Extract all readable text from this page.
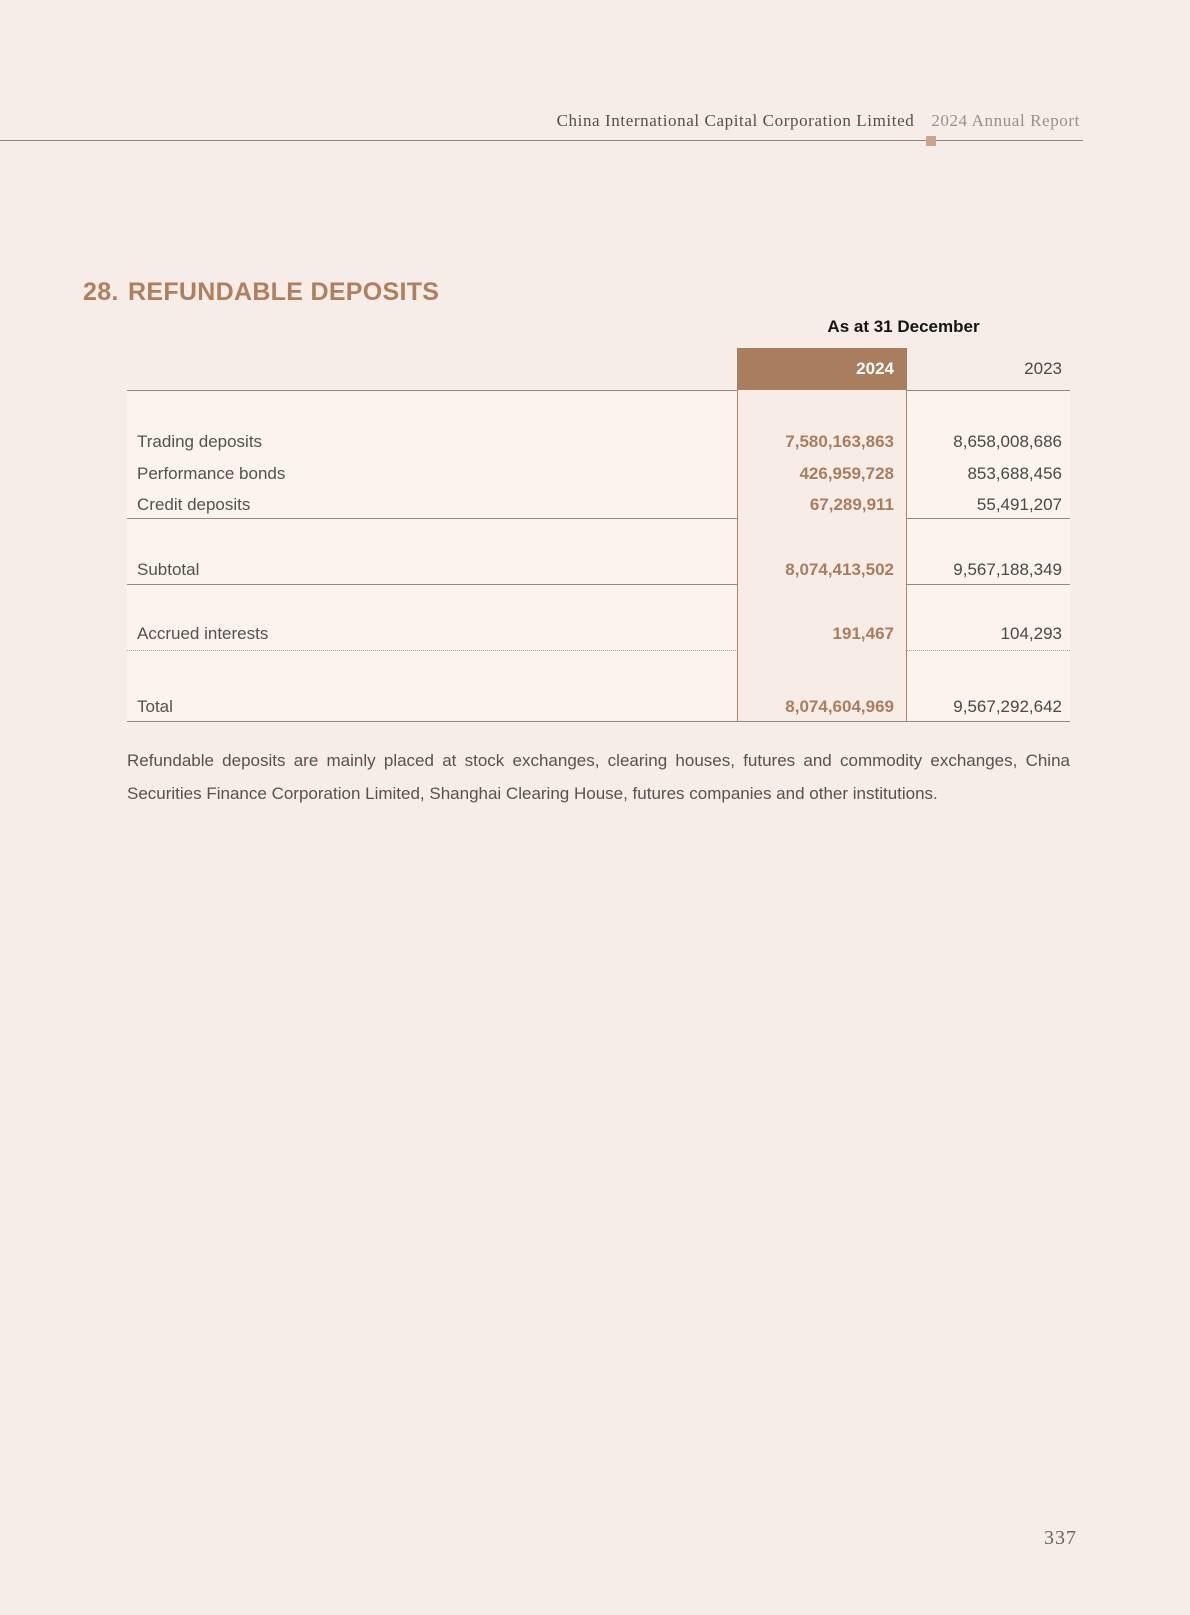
China International Capital Corporation Limited 2024 Annual Report
28. REFUNDABLE DEPOSITS
As at 31 December
2024	2023
Trading deposits	7,580,163,863	8,658,008,686
Performance bonds	426,959,728	853,688,456
Credit deposits	67,289,911	55,491,207
Subtotal	8,074,413,502	9,567,188,349
Accrued interests	191,467	104,293
Total	8,074,604,969	9,567,292,642

Refundable deposits are mainly placed at stock exchanges, clearing houses, futures and commodity exchanges, China Securities Finance Corporation Limited, Shanghai Clearing House, futures companies and other institutions.

337
